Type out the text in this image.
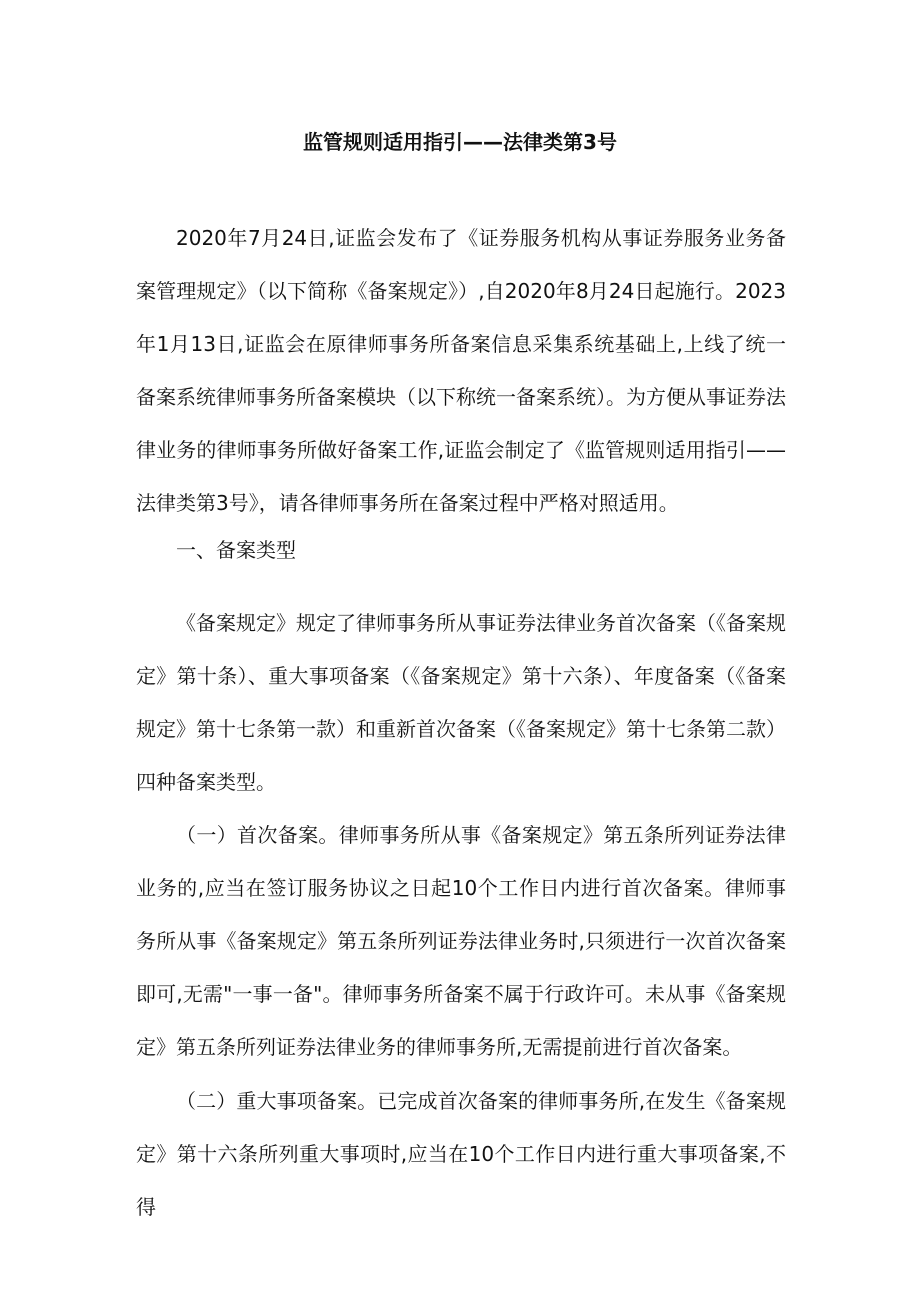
监管规则适用指引——法律类第3号

2020年7月24日,证监会发布了《证券服务机构从事证券服务业务备案管理规定》（以下简称《备案规定》）,自2020年8月24日起施行。2023年1月13日,证监会在原律师事务所备案信息采集系统基础上,上线了统一备案系统律师事务所备案模块（以下称统一备案系统）。为方便从事证券法律业务的律师事务所做好备案工作,证监会制定了《监管规则适用指引——法律类第3号》，请各律师事务所在备案过程中严格对照适用。

一、备案类型

《备案规定》规定了律师事务所从事证券法律业务首次备案（《备案规定》第十条）、重大事项备案（《备案规定》第十六条）、年度备案（《备案规定》第十七条第一款）和重新首次备案（《备案规定》第十七条第二款）四种备案类型。

（一）首次备案。律师事务所从事《备案规定》第五条所列证券法律业务的,应当在签订服务协议之日起10个工作日内进行首次备案。律师事务所从事《备案规定》第五条所列证券法律业务时,只须进行一次首次备案即可,无需"一事一备"。律师事务所备案不属于行政许可。未从事《备案规定》第五条所列证券法律业务的律师事务所,无需提前进行首次备案。

（二）重大事项备案。已完成首次备案的律师事务所,在发生《备案规定》第十六条所列重大事项时,应当在10个工作日内进行重大事项备案,不得
